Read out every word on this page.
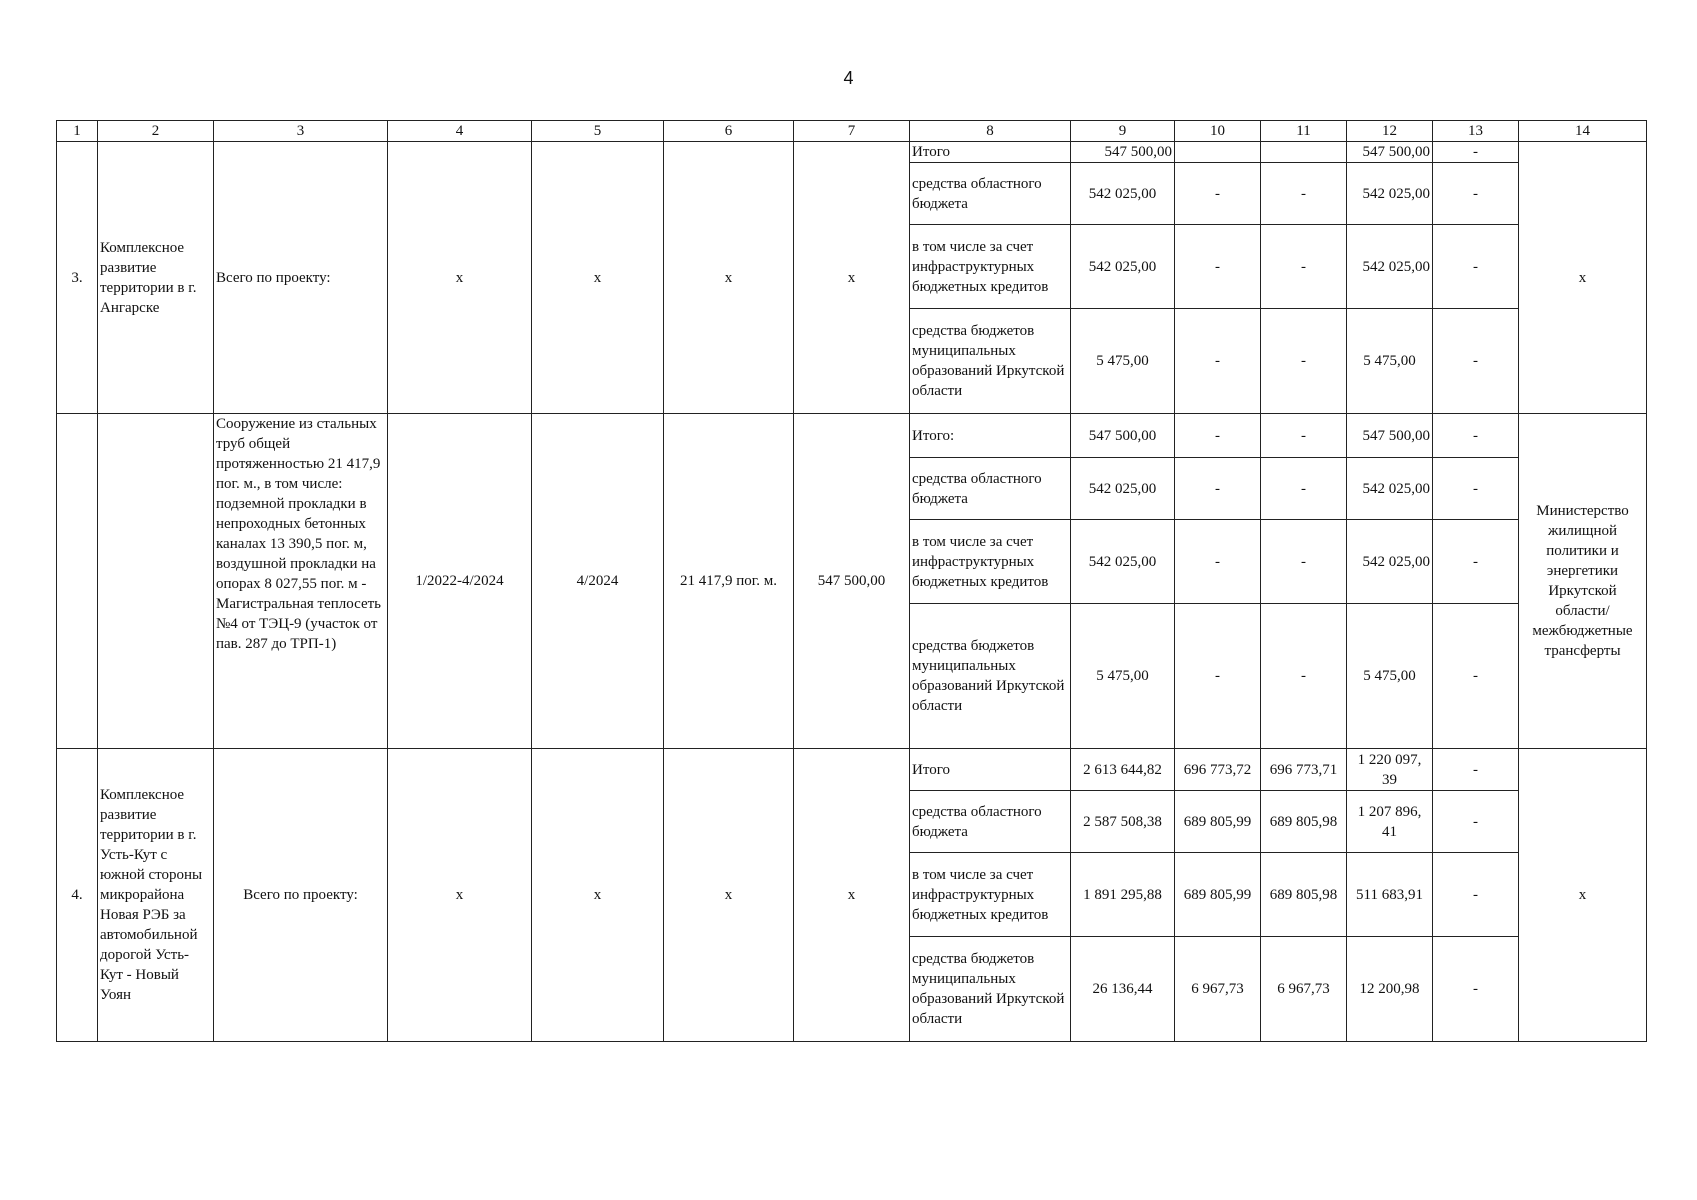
4
1	2	3	4	5	6	7	8	9	10	11	12	13	14
3.	Комплексное развитие территории в г. Ангарске	Всего по проекту:	х	х	х	х	Итого	547 500,00			547 500,00	-	х
							средства областного бюджета	542 025,00	-	-	542 025,00	-	
							в том числе за счет инфраструктурных бюджетных кредитов	542 025,00	-	-	542 025,00	-	
							средства бюджетов муниципальных образований Иркутской области	5 475,00	-	-	5 475,00	-	
		Сооружение из стальных труб общей протяженностью 21 417,9 пог. м., в том числе: подземной прокладки в непроходных бетонных каналах 13 390,5 пог. м, воздушной прокладки на опорах 8 027,55 пог. м - Магистральная теплосеть №4 от ТЭЦ-9 (участок от пав. 287 до ТРП-1)	1/2022-4/2024	4/2024	21 417,9 пог. м.	547 500,00	Итого:	547 500,00	-	-	547 500,00	-	Министерство жилищной политики и энергетики Иркутской области/ межбюджетные трансферты
							средства областного бюджета	542 025,00	-	-	542 025,00	-	
							в том числе за счет инфраструктурных бюджетных кредитов	542 025,00	-	-	542 025,00	-	
							средства бюджетов муниципальных образований Иркутской области	5 475,00	-	-	5 475,00	-	
4.	Комплексное развитие территории в г. Усть-Кут с южной стороны микрорайона Новая РЭБ за автомобильной дорогой Усть-Кут - Новый Уоян	Всего по проекту:	х	х	х	х	Итого	2 613 644,82	696 773,72	696 773,71	1 220 097, 39	-	х
							средства областного бюджета	2 587 508,38	689 805,99	689 805,98	1 207 896, 41	-	
							в том числе за счет инфраструктурных бюджетных кредитов	1 891 295,88	689 805,99	689 805,98	511 683,91	-	
							средства бюджетов муниципальных образований Иркутской области	26 136,44	6 967,73	6 967,73	12 200,98	-	
